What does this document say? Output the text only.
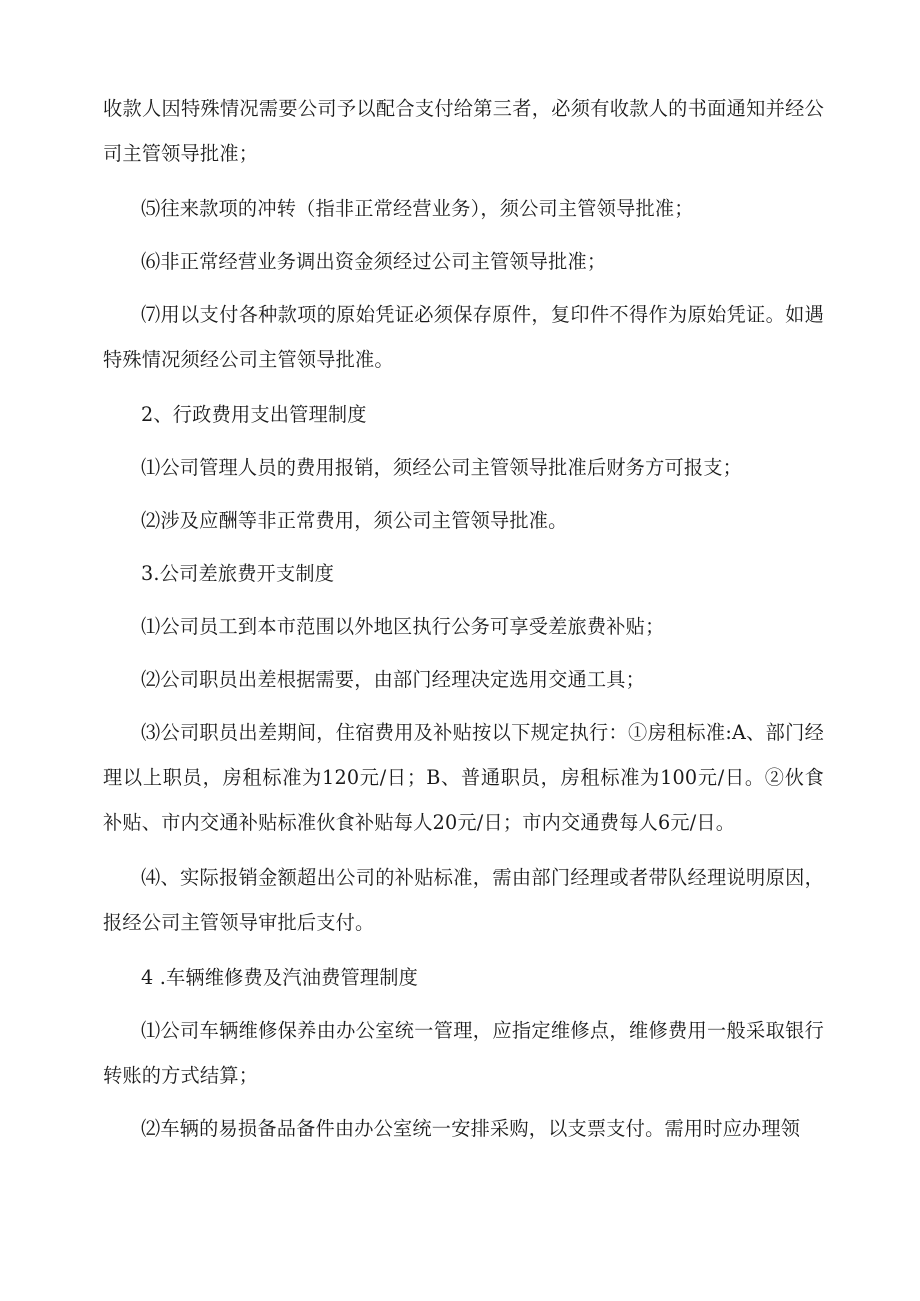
收款人因特殊情况需要公司予以配合支付给第三者，必须有收款人的书面通知并经公司主管领导批准；

⑸往来款项的冲转（指非正常经营业务），须公司主管领导批准；

⑹非正常经营业务调出资金须经过公司主管领导批准；

⑺用以支付各种款项的原始凭证必须保存原件，复印件不得作为原始凭证。如遇特殊情况须经公司主管领导批准。

2、行政费用支出管理制度

⑴公司管理人员的费用报销，须经公司主管领导批准后财务方可报支；

⑵涉及应酬等非正常费用，须公司主管领导批准。

3.公司差旅费开支制度

⑴公司员工到本市范围以外地区执行公务可享受差旅费补贴；

⑵公司职员出差根据需要，由部门经理决定选用交通工具；

⑶公司职员出差期间，住宿费用及补贴按以下规定执行：①房租标准:A、部门经理以上职员，房租标准为120元/日；B、普通职员，房租标准为100元/日。②伙食补贴、市内交通补贴标准伙食补贴每人20元/日；市内交通费每人6元/日。

⑷、实际报销金额超出公司的补贴标准，需由部门经理或者带队经理说明原因，报经公司主管领导审批后支付。

4 .车辆维修费及汽油费管理制度

⑴公司车辆维修保养由办公室统一管理，应指定维修点，维修费用一般采取银行转账的方式结算；

⑵车辆的易损备品备件由办公室统一安排采购，以支票支付。需用时应办理领
